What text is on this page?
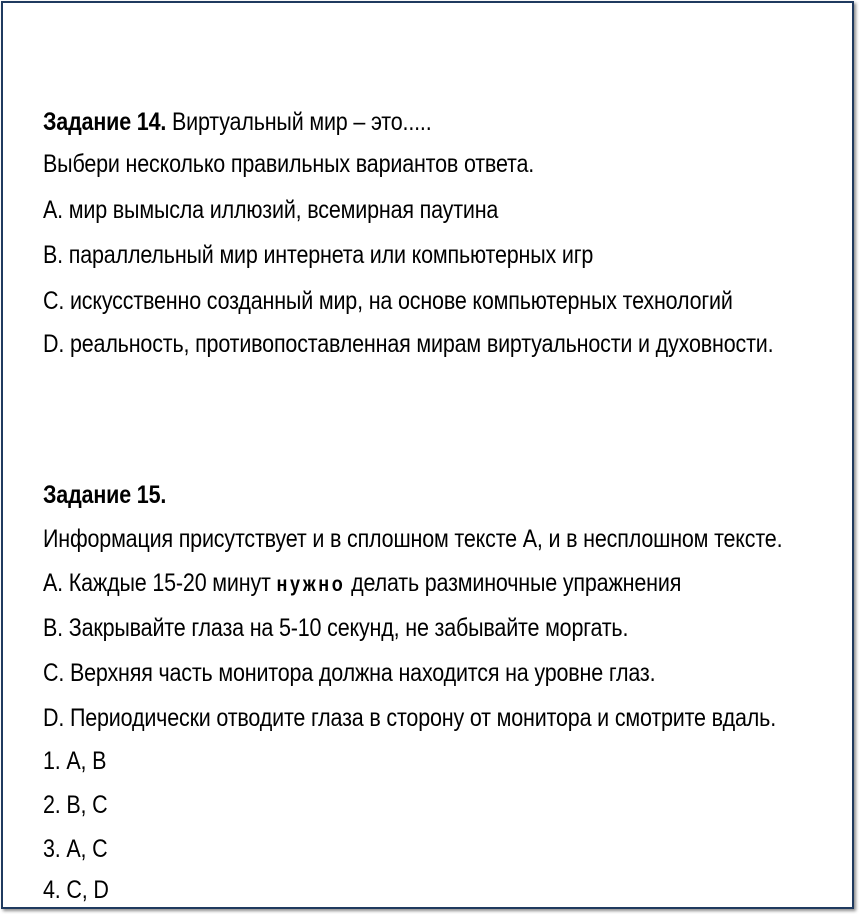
Задание 14. Виртуальный мир – это.....
Выбери несколько правильных вариантов ответа.
А. мир вымысла иллюзий, всемирная паутина
В. параллельный мир интернета или компьютерных игр
С. искусственно созданный мир, на основе компьютерных технологий
D. реальность, противопоставленная мирам виртуальности и духовности.
Задание 15.
Информация присутствует и в сплошном тексте А, и в несплошном тексте.
А. Каждые 15-20 минут нужно делать разминочные упражнения
В. Закрывайте глаза на 5-10 секунд, не забывайте моргать.
С. Верхняя часть монитора должна находится на уровне глаз.
D. Периодически отводите глаза в сторону от монитора и смотрите вдаль.
1. А, В
2. В, С
3. А, С
4. С, D
